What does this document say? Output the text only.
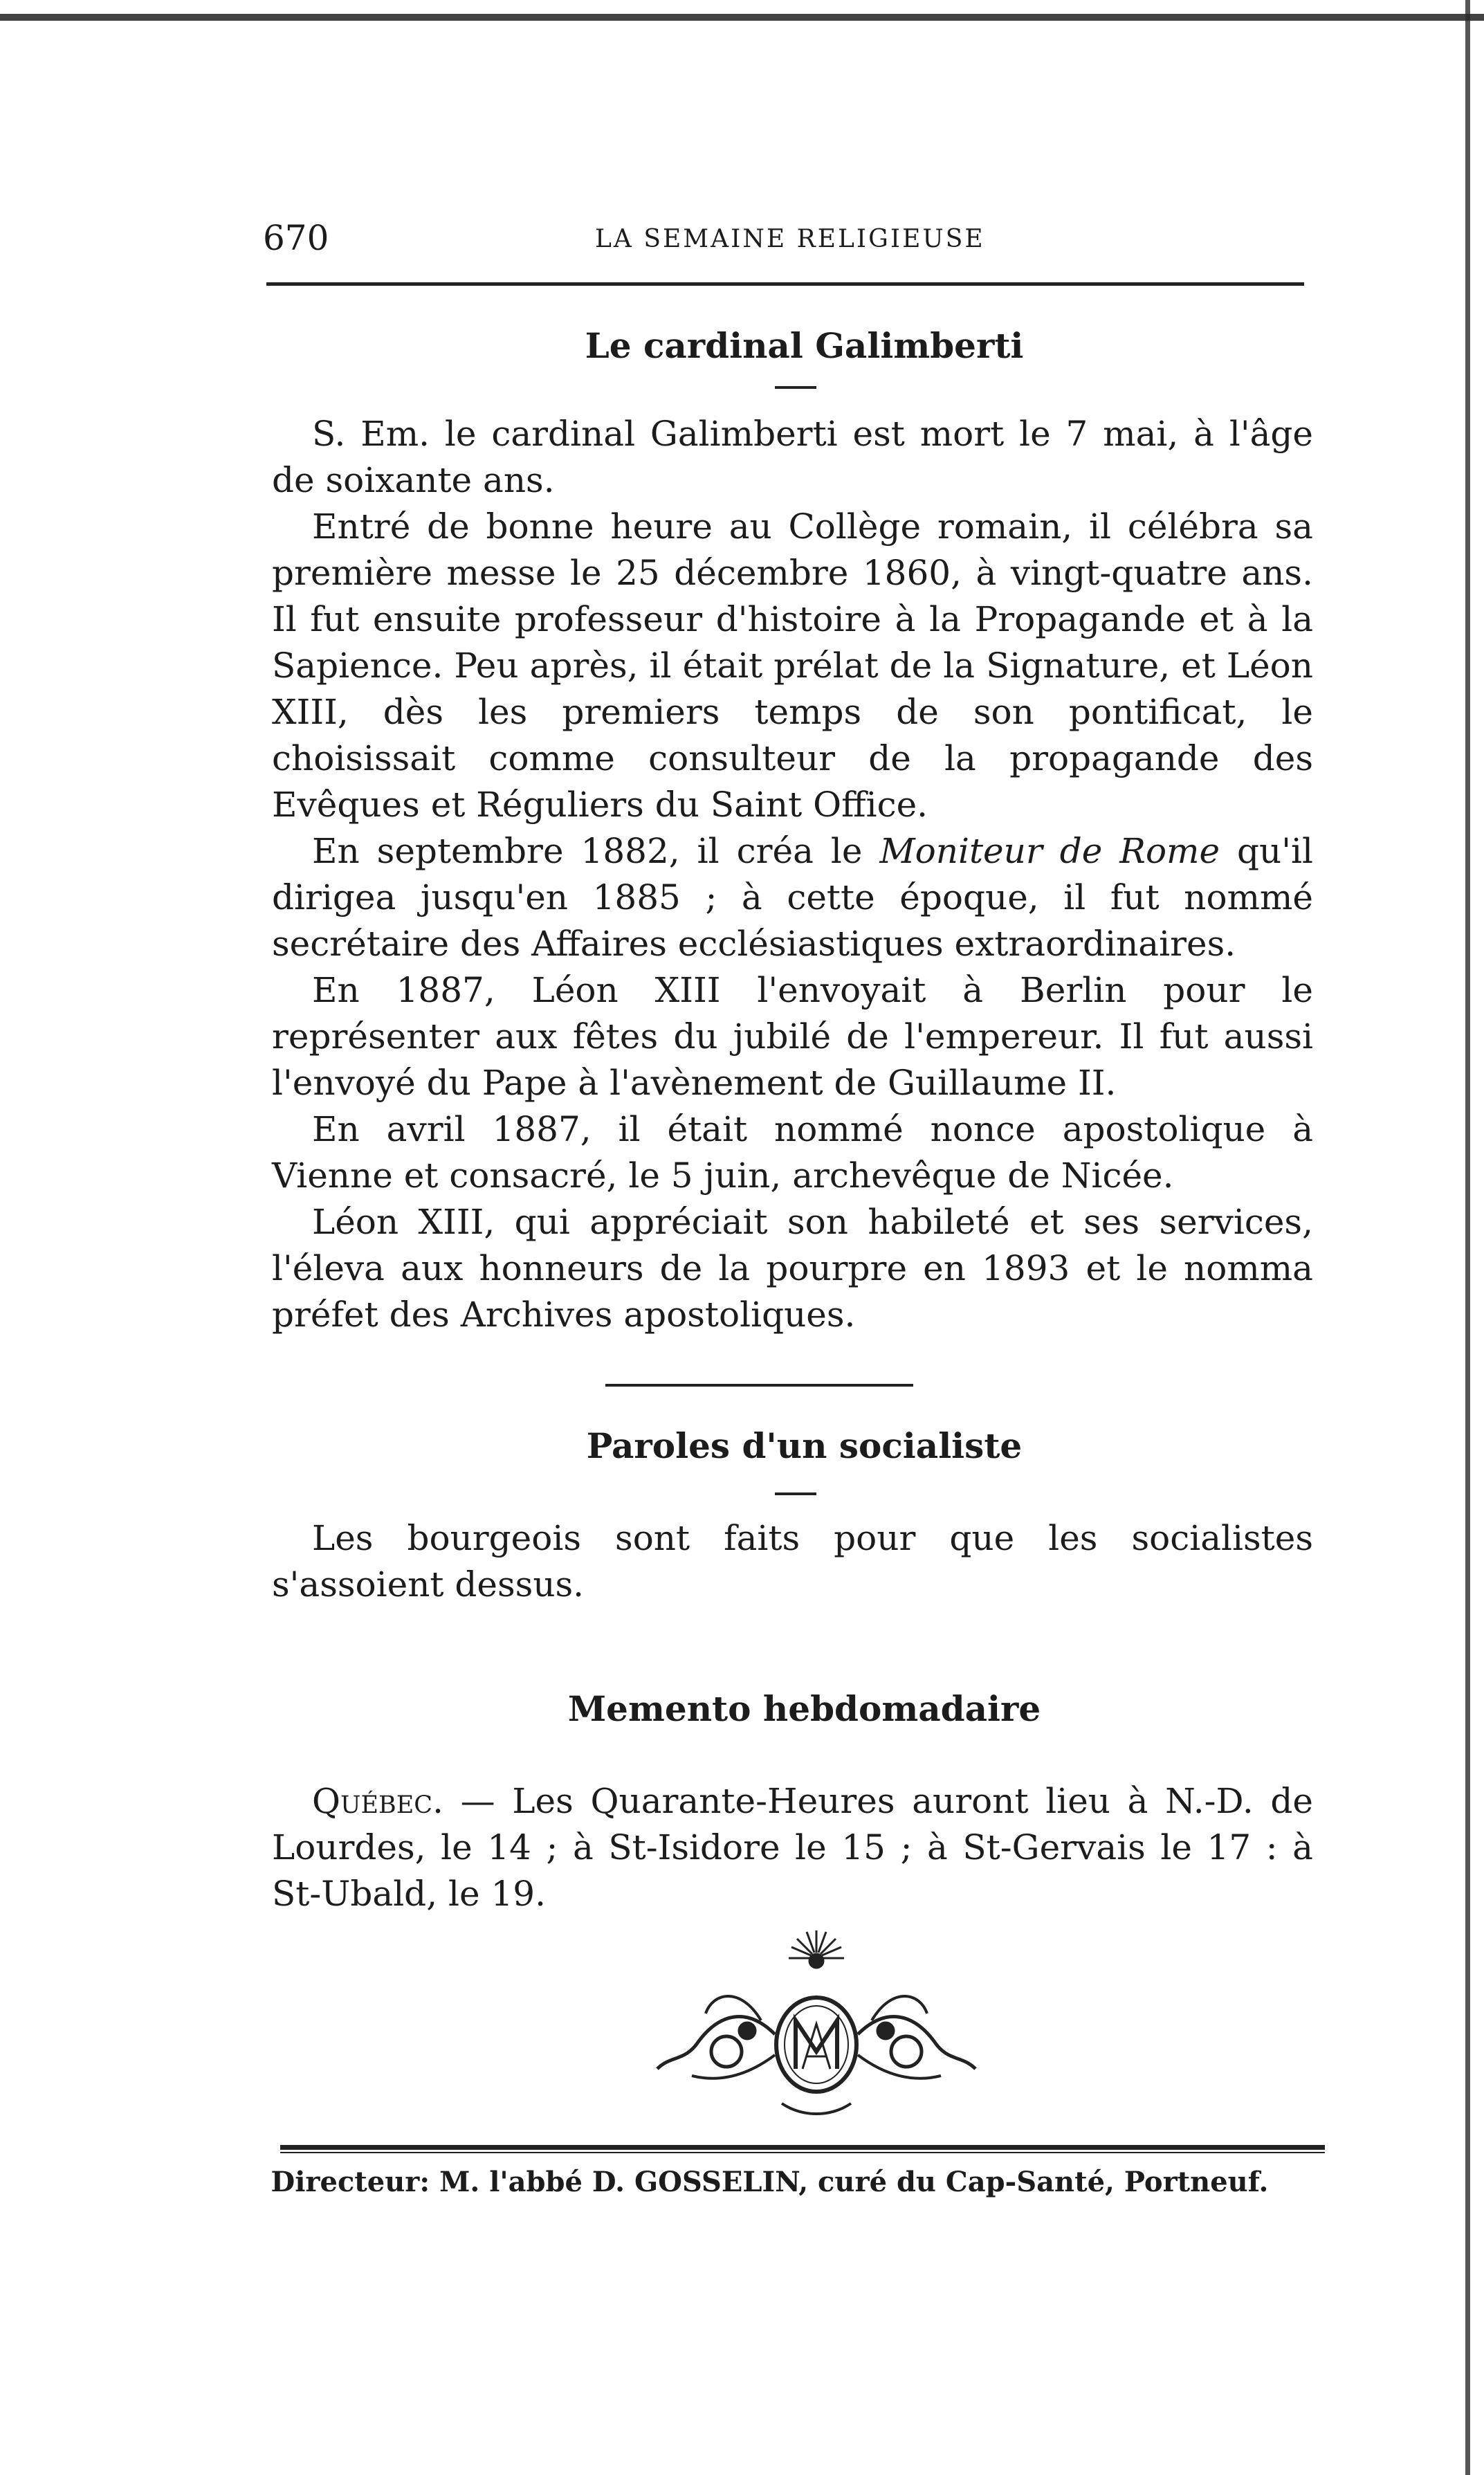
670	LA SEMAINE RELIGIEUSE
Le cardinal Galimberti

S. Em. le cardinal Galimberti est mort le 7 mai, à l'âge de soixante ans.

Entré de bonne heure au Collège romain, il célébra sa première messe le 25 décembre 1860, à vingt-quatre ans. Il fut ensuite professeur d'histoire à la Propagande et à la Sapience. Peu après, il était prélat de la Signature, et Léon XIII, dès les premiers temps de son pontificat, le choisissait comme consulteur de la propagande des Evêques et Réguliers du Saint Office.

En septembre 1882, il créa le Moniteur de Rome qu'il dirigea jusqu'en 1885 ; à cette époque, il fut nommé secrétaire des Affaires ecclésiastiques extraordinaires.

En 1887, Léon XIII l'envoyait à Berlin pour le représenter aux fêtes du jubilé de l'empereur. Il fut aussi l'envoyé du Pape à l'avènement de Guillaume II.

En avril 1887, il était nommé nonce apostolique à Vienne et consacré, le 5 juin, archevêque de Nicée.

Léon XIII, qui appréciait son habileté et ses services, l'éleva aux honneurs de la pourpre en 1893 et le nomma préfet des Archives apostoliques.

Paroles d'un socialiste

Les bourgeois sont faits pour que les socialistes s'assoient dessus.

Memento hebdomadaire

Québec. — Les Quarante-Heures auront lieu à N.-D. de Lourdes, le 14 ; à St-Isidore le 15 ; à St-Gervais le 17 : à St-Ubald, le 19.

Directeur: M. l'abbé D. GOSSELIN, curé du Cap-Santé, Portneuf.
